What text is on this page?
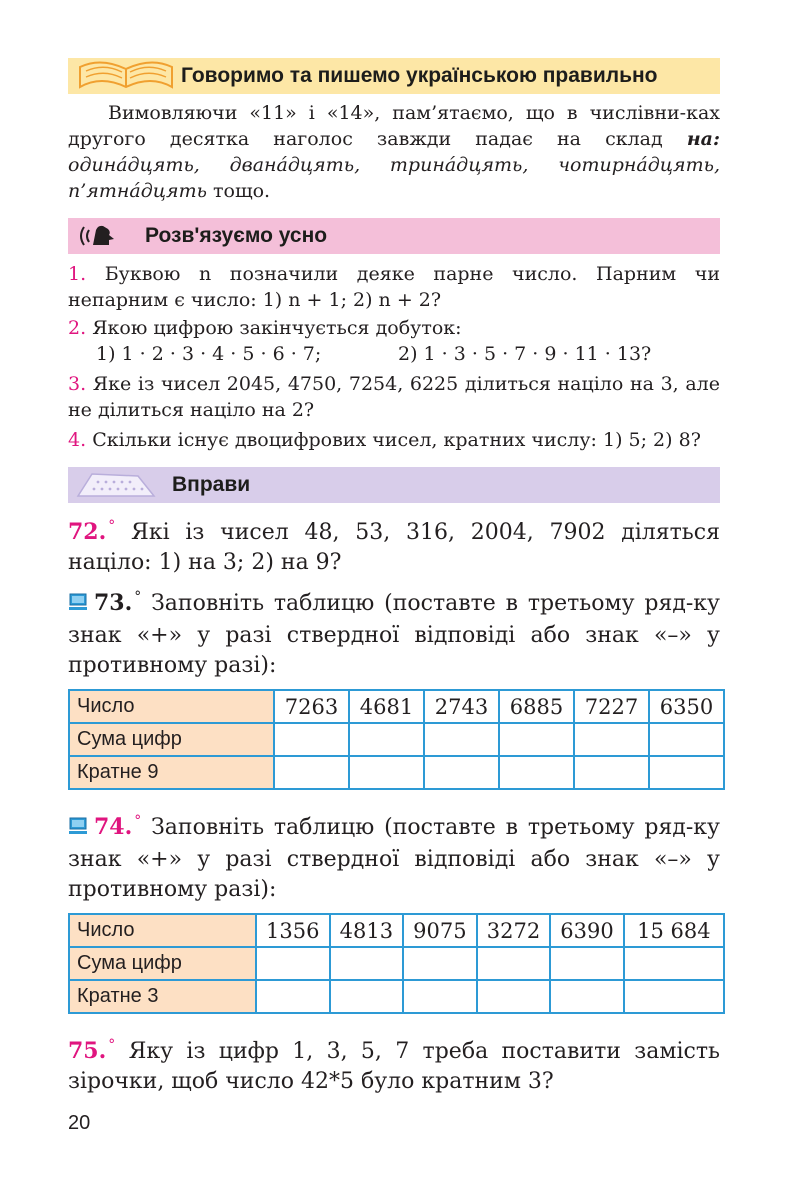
Говоримо та пишемо українською правильно

Вимовляючи «11» і «14», пам’ятаємо, що в числівни-ках другого десятка наголос завжди падає на склад на: одина́дцять, двана́дцять, трина́дцять, чотирна́дцять, п’ятна́дцять тощо.

Розв'язуємо усно

1. Буквою n позначили деяке парне число. Парним чи непарним є число: 1) n + 1; 2) n + 2?

2. Якою цифрою закінчується добуток:

1) 1 · 2 · 3 · 4 · 5 · 6 · 7;	2) 1 · 3 · 5 · 7 · 9 · 11 · 13?

3. Яке із чисел 2045, 4750, 7254, 6225 ділиться націло на 3, але не ділиться націло на 2?

4. Скільки існує двоцифрових чисел, кратних числу: 1) 5; 2) 8?

Вправи

72. ° Які із чисел 48, 53, 316, 2004, 7902 діляться націло: 1) на 3; 2) на 9?

73. ° Заповніть таблицю (поставте в третьому ряд-ку знак «+» у разі ствердної відповіді або знак «–» у противному разі):

Число	7263	4681	2743	6885	7227	6350
Сума цифр						
Кратне 9						

74. ° Заповніть таблицю (поставте в третьому ряд-ку знак «+» у разі ствердної відповіді або знак «–» у противному разі):

Число	1356	4813	9075	3272	6390	15 684
Сума цифр						
Кратне 3						

75. ° Яку із цифр 1, 3, 5, 7 треба поставити замість зірочки, щоб число 42*5 було кратним 3?

20
